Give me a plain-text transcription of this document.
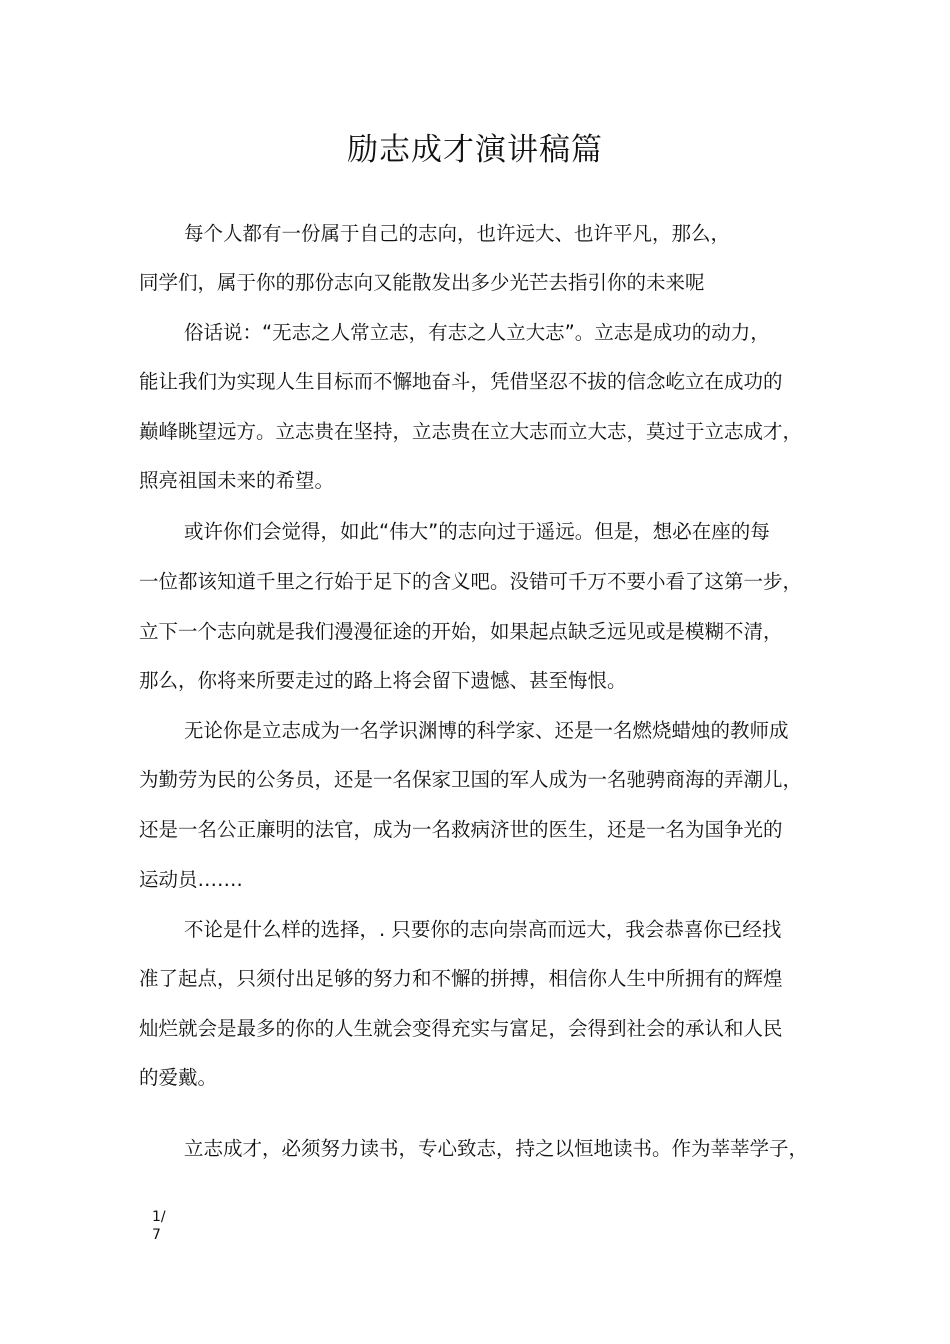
励志成才演讲稿篇
每个人都有一份属于自己的志向，也许远大、也许平凡，那么，
同学们，属于你的那份志向又能散发出多少光芒去指引你的未来呢
俗话说：“无志之人常立志，有志之人立大志”。立志是成功的动力，
能让我们为实现人生目标而不懈地奋斗，凭借坚忍不拔的信念屹立在成功的
巅峰眺望远方。立志贵在坚持，立志贵在立大志而立大志，莫过于立志成才，
照亮祖国未来的希望。
或许你们会觉得，如此“伟大”的志向过于遥远。但是，想必在座的每
一位都该知道千里之行始于足下的含义吧。没错可千万不要小看了这第一步，
立下一个志向就是我们漫漫征途的开始，如果起点缺乏远见或是模糊不清，
那么，你将来所要走过的路上将会留下遗憾、甚至悔恨。
无论你是立志成为一名学识渊博的科学家、还是一名燃烧蜡烛的教师成
为勤劳为民的公务员，还是一名保家卫国的军人成为一名驰骋商海的弄潮儿，
还是一名公正廉明的法官，成为一名救病济世的医生，还是一名为国争光的
运动员…….
不论是什么样的选择，. 只要你的志向崇高而远大，我会恭喜你已经找
准了起点，只须付出足够的努力和不懈的拼搏，相信你人生中所拥有的辉煌
灿烂就会是最多的你的人生就会变得充实与富足，会得到社会的承认和人民
的爱戴。
立志成才，必须努力读书，专心致志，持之以恒地读书。作为莘莘学子，
1/
7
